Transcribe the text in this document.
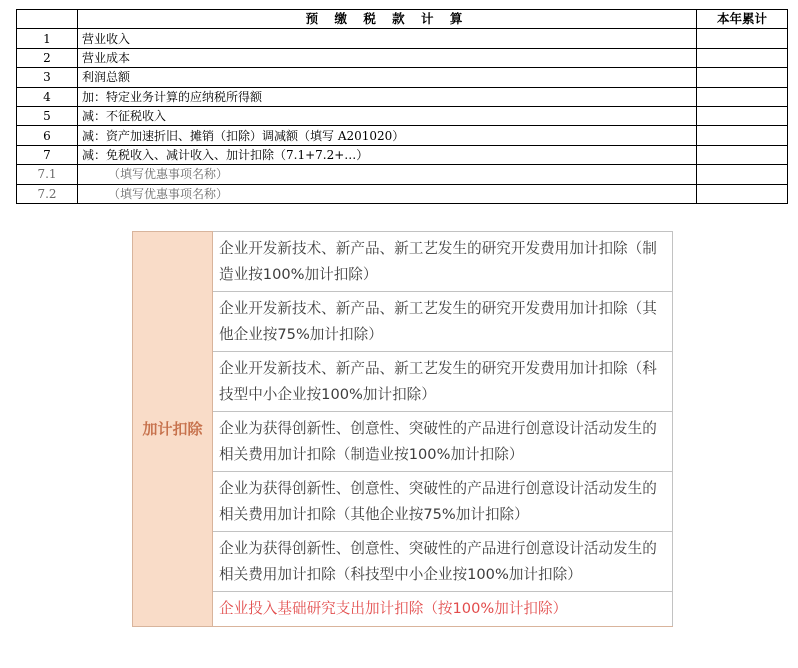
	预 缴 税 款 计 算	本年累计
1	营业收入	
2	营业成本	
3	利润总额	
4	加：特定业务计算的应纳税所得额	
5	减：不征税收入	
6	减：资产加速折旧、摊销（扣除）调减额（填写 A201020）	
7	减：免税收入、减计收入、加计扣除（7.1+7.2+…）	
7.1	（填写优惠事项名称）	
7.2	（填写优惠事项名称）	
加计扣除	企业开发新技术、新产品、新工艺发生的研究开发费用加计扣除（制造业按100%加计扣除）
企业开发新技术、新产品、新工艺发生的研究开发费用加计扣除（其他企业按75%加计扣除）
企业开发新技术、新产品、新工艺发生的研究开发费用加计扣除（科技型中小企业按100%加计扣除）
企业为获得创新性、创意性、突破性的产品进行创意设计活动发生的相关费用加计扣除（制造业按100%加计扣除）
企业为获得创新性、创意性、突破性的产品进行创意设计活动发生的相关费用加计扣除（其他企业按75%加计扣除）
企业为获得创新性、创意性、突破性的产品进行创意设计活动发生的相关费用加计扣除（科技型中小企业按100%加计扣除）
企业投入基础研究支出加计扣除（按100%加计扣除）
